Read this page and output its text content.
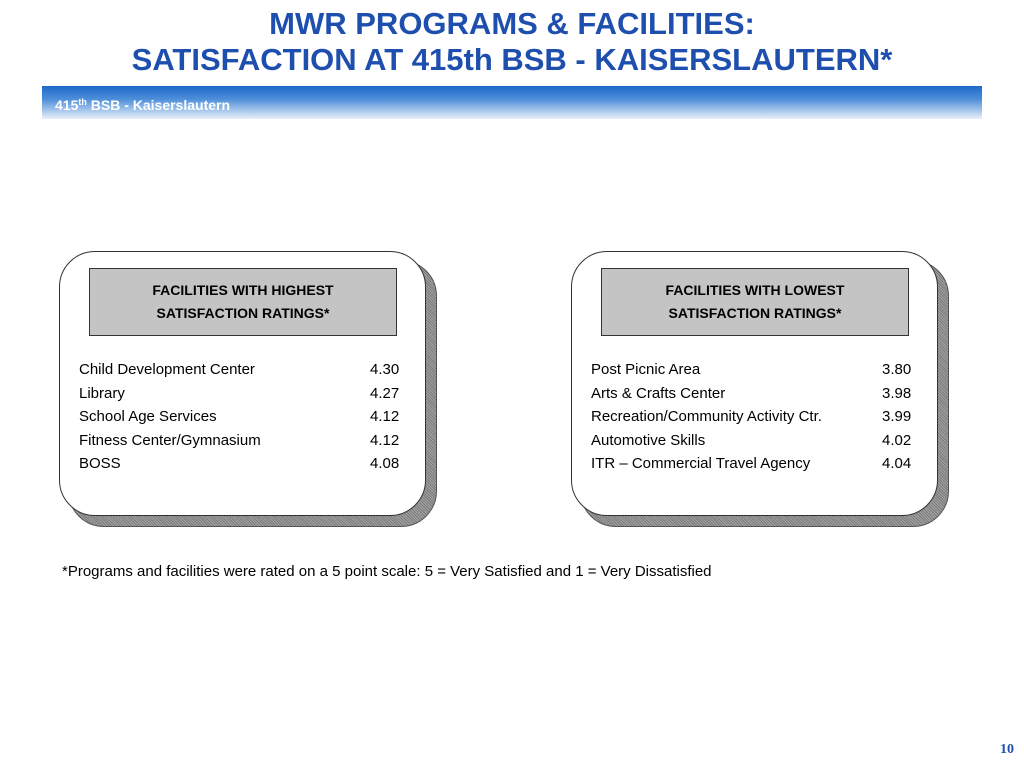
MWR PROGRAMS & FACILITIES:
SATISFACTION AT 415th BSB - KAISERSLAUTERN*
415th BSB - Kaiserslautern
FACILITIES WITH HIGHEST
SATISFACTION RATINGS*
Child Development Center	4.30
Library	4.27
School Age Services	4.12
Fitness Center/Gymnasium	4.12
BOSS	4.08
FACILITIES WITH LOWEST
SATISFACTION RATINGS*
Post Picnic Area	3.80
Arts & Crafts Center	3.98
Recreation/Community Activity Ctr.	3.99
Automotive Skills	4.02
ITR – Commercial Travel Agency	4.04
*Programs and facilities were rated on a 5 point scale: 5 = Very Satisfied and 1 = Very Dissatisfied
10
